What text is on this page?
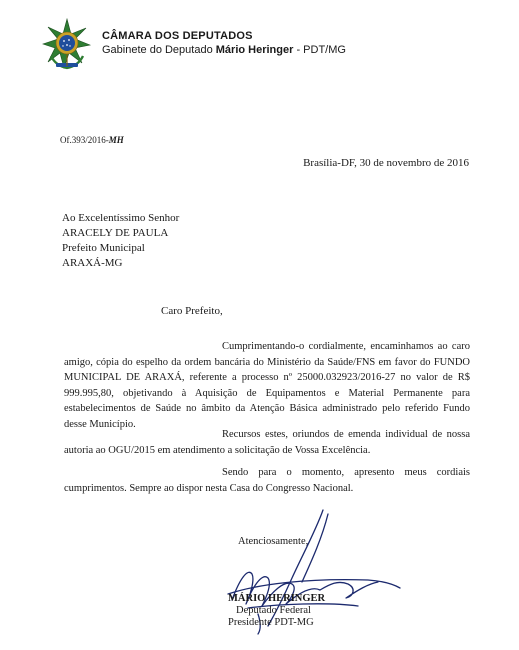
CÂMARA DOS DEPUTADOS
Gabinete do Deputado Mário Heringer - PDT/MG
Of.393/2016-MH
Brasília-DF, 30 de novembro de 2016
Ao Excelentíssimo Senhor
ARACELY DE PAULA
Prefeito Municipal
ARAXÁ-MG
Caro Prefeito,

Cumprimentando-o cordialmente, encaminhamos ao caro amigo, cópia do espelho da ordem bancária do Ministério da Saúde/FNS em favor do FUNDO MUNICIPAL DE ARAXÁ, referente a processo nº 25000.032923/2016-27 no valor de R$ 999.995,80, objetivando à Aquisição de Equipamentos e Material Permanente para estabelecimentos de Saúde no âmbito da Atenção Básica administrado pelo referido Fundo desse Município.

Recursos estes, oriundos de emenda individual de nossa autoria ao OGU/2015 em atendimento a solicitação de Vossa Excelência.

Sendo para o momento, apresento meus cordiais cumprimentos. Sempre ao dispor nesta Casa do Congresso Nacional.

Atenciosamente,
MÁRIO HERINGER
Deputado Federal
Presidente PDT-MG
